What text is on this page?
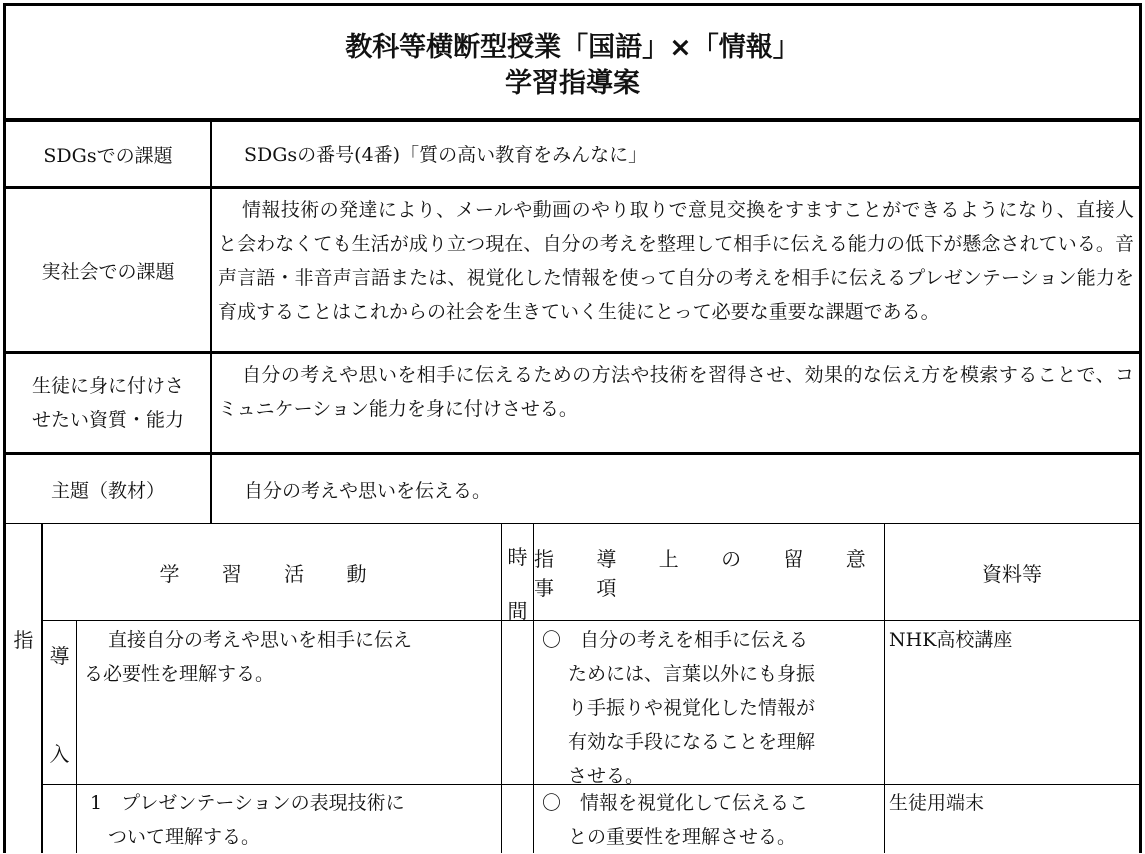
教科等横断型授業「国語」×「情報」
学習指導案
SDGsでの課題	SDGsの番号(4番)「質の高い教育をみんなに」
実社会での課題
情報技術の発達により、メールや動画のやり取りで意見交換をすますことができるようになり、直接人と会わなくても生活が成り立つ現在、自分の考えを整理して相手に伝える能力の低下が懸念されている。音声言語・非音声言語または、視覚化した情報を使って自分の考えを相手に伝えるプレゼンテーション能力を育成することはこれからの社会を生きていく生徒にとって必要な重要な課題である。
生徒に身に付けさ
せたい資質・能力
自分の考えや思いを相手に伝えるための方法や技術を習得させ、効果的な伝え方を模索することで、コミュニケーション能力を身に付けさせる。
主題（教材）	自分の考えや思いを伝える。
指
学 習 活 動
時
間
指 導 上 の 留 意 事 項
資料等
導
入
直接自分の考えや思いを相手に伝え
る必要性を理解する。
〇　自分の考えを相手に伝える
ためには、言葉以外にも身振
り手振りや視覚化した情報が
有効な手段になることを理解
させる。
NHK高校講座
1　プレゼンテーションの表現技術に
ついて理解する。
〇　情報を視覚化して伝えるこ
との重要性を理解させる。
生徒用端末
